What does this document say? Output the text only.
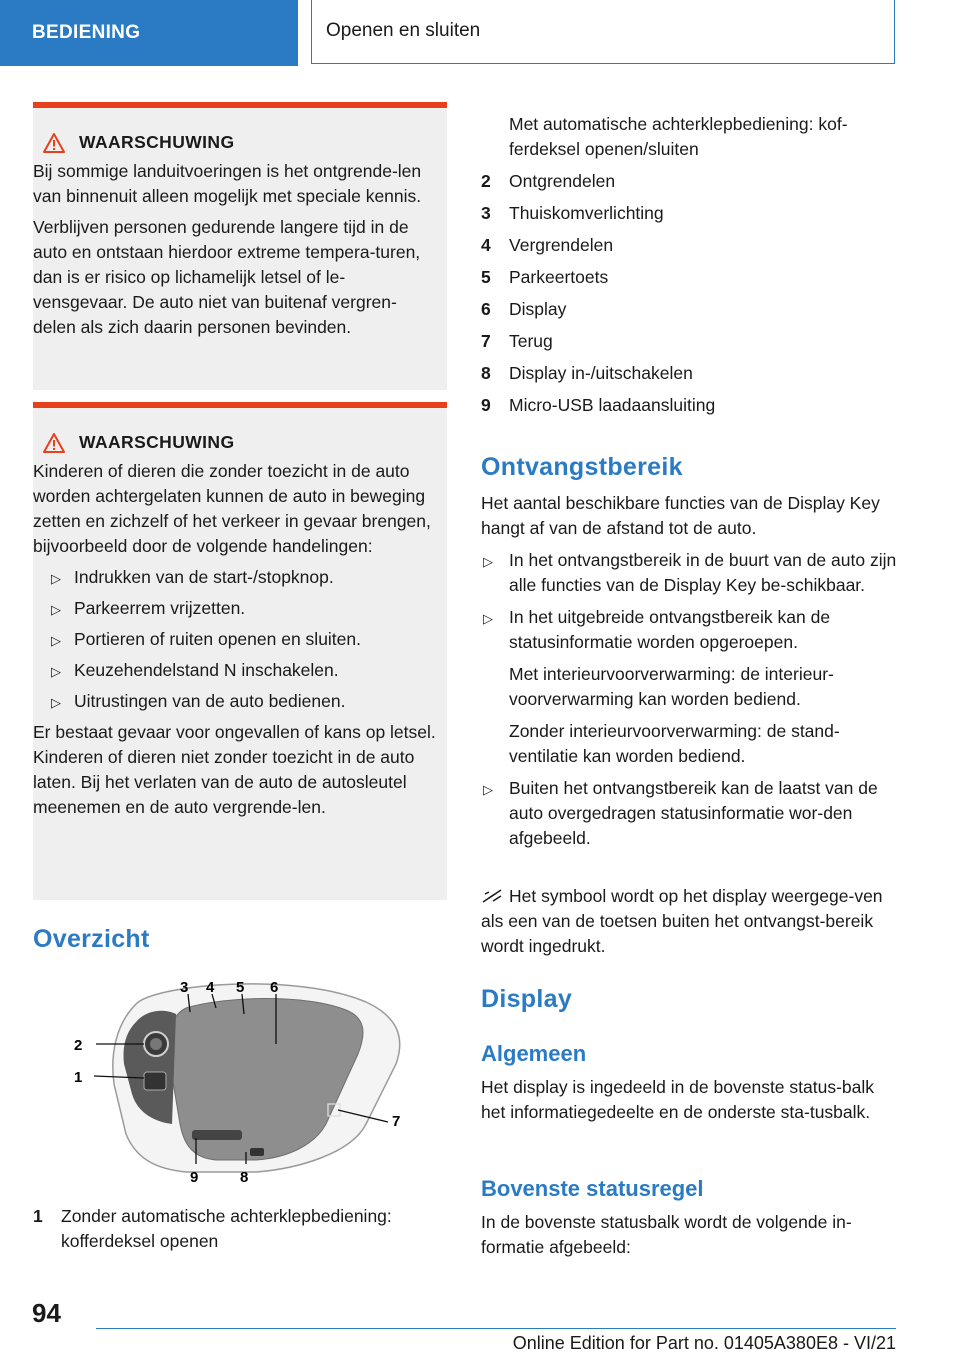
BEDIENING	Openen en sluiten
WAARSCHUWING

Bij sommige landuitvoeringen is het ontgrende-len van binnenuit alleen mogelijk met speciale kennis.

Verblijven personen gedurende langere tijd in de auto en ontstaan hierdoor extreme tempera-turen, dan is er risico op lichamelijk letsel of le-vensgevaar. De auto niet van buitenaf vergren-delen als zich daarin personen bevinden.

WAARSCHUWING

Kinderen of dieren die zonder toezicht in de auto worden achtergelaten kunnen de auto in beweging zetten en zichzelf of het verkeer in gevaar brengen, bijvoorbeeld door de volgende handelingen:

▷ Indrukken van de start-/stopknop.
▷ Parkeerrem vrijzetten.
▷ Portieren of ruiten openen en sluiten.
▷ Keuzehendelstand N inschakelen.
▷ Uitrustingen van de auto bedienen.

Er bestaat gevaar voor ongevallen of kans op letsel. Kinderen of dieren niet zonder toezicht in de auto laten. Bij het verlaten van de auto de autosleutel meenemen en de auto vergrende-len.

Overzicht
3 4 5 6
2
1
7
8
9
1 Zonder automatische achterklepbediening: kofferdeksel openen
Met automatische achterklepbediening: kof-ferdeksel openen/sluiten
2 Ontgrendelen
3 Thuiskomverlichting
4 Vergrendelen
5 Parkeertoets
6 Display
7 Terug
8 Display in-/uitschakelen
9 Micro-USB laadaansluiting
Ontvangstbereik
Het aantal beschikbare functies van de Display Key hangt af van de afstand tot de auto.
▷ In het ontvangstbereik in de buurt van de auto zijn alle functies van de Display Key be-schikbaar.
▷ In het uitgebreide ontvangstbereik kan de statusinformatie worden opgeroepen.
Met interieurvoorverwarming: de interieur-voorverwarming kan worden bediend.
Zonder interieurvoorverwarming: de stand-ventilatie kan worden bediend.
▷ Buiten het ontvangstbereik kan de laatst van de auto overgedragen statusinformatie wor-den afgebeeld.
Het symbool wordt op het display weergege-ven als een van de toetsen buiten het ontvangst-bereik wordt ingedrukt.
Display
Algemeen
Het display is ingedeeld in de bovenste status-balk het informatiegedeelte en de onderste sta-tusbalk.
Bovenste statusregel
In de bovenste statusbalk wordt de volgende in-formatie afgebeeld:
94
Online Edition for Part no. 01405A380E8 - VI/21
